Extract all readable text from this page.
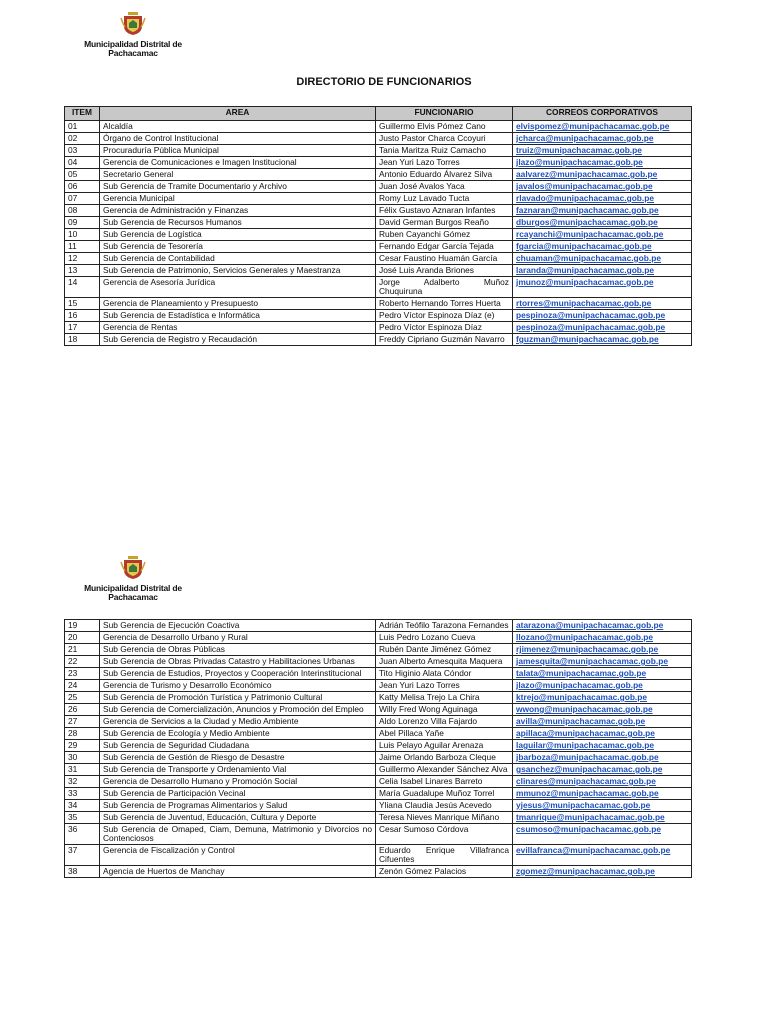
Municipalidad Distrital de
Pachacamac
DIRECTORIO DE FUNCIONARIOS
ITEM	AREA	FUNCIONARIO	CORREOS CORPORATIVOS
01	Alcaldía	Guillermo Elvis Pómez Cano	elvispomez@munipachacamac.gob.pe
02	Órgano de Control Institucional	Justo Pastor Charca Ccoyuri	jcharca@munipachacamac.gob.pe
03	Procuraduría Pública Municipal	Tania Maritza Ruiz Camacho	truiz@munipachacamac.gob.pe
04	Gerencia de Comunicaciones e Imagen Institucional	Jean Yuri Lazo Torres	jlazo@munipachacamac.gob.pe
05	Secretario General	Antonio Eduardo Álvarez Silva	aalvarez@munipachacamac.gob.pe
06	Sub Gerencia de Tramite Documentario y Archivo	Juan José Avalos Yaca	javalos@munipachacamac.gob.pe
07	Gerencia Municipal	Romy Luz Lavado Tucta	rlavado@munipachacamac.gob.pe
08	Gerencia de Administración y Finanzas	Félix Gustavo Aznaran Infantes	faznaran@munipachacamac.gob.pe
09	Sub Gerencia de Recursos Humanos	David German Burgos Reaño	dburgos@munipachacamac.gob.pe
10	Sub Gerencia de Logística	Ruben Cayanchi Gómez	rcayanchi@munipachacamac.gob.pe
11	Sub Gerencia de Tesorería	Fernando Edgar García Tejada	fgarcia@munipachacamac.gob.pe
12	Sub Gerencia de Contabilidad	Cesar Faustino Huamán García	chuaman@munipachacamac.gob.pe
13	Sub Gerencia de Patrimonio, Servicios Generales y Maestranza	José Luis Aranda Briones	laranda@munipachacamac.gob.pe
14	Gerencia de Asesoría Jurídica	Jorge Adalberto Muñoz Chuquiruna	jmunoz@munipachacamac.gob.pe
15	Gerencia de Planeamiento y Presupuesto	Roberto Hernando Torres Huerta	rtorres@munipachacamac.gob.pe
16	Sub Gerencia de Estadística e Informática	Pedro Víctor Espinoza Díaz (e)	pespinoza@munipachacamac.gob.pe
17	Gerencia de Rentas	Pedro Víctor Espinoza Díaz	pespinoza@munipachacamac.gob.pe
18	Sub Gerencia de Registro y Recaudación	Freddy Cipriano Guzmán Navarro	fguzman@munipachacamac.gob.pe
Municipalidad Distrital de
Pachacamac
19	Sub Gerencia de Ejecución Coactiva	Adrián Teófilo Tarazona Fernandes	atarazona@munipachacamac.gob.pe
20	Gerencia de Desarrollo Urbano y Rural	Luis Pedro Lozano Cueva	llozano@munipachacamac.gob.pe
21	Sub Gerencia de Obras Públicas	Rubén Dante Jiménez Gómez	rjimenez@munipachacamac.gob.pe
22	Sub Gerencia de Obras Privadas Catastro y Habilitaciones Urbanas	Juan Alberto Amesquita Maquera	jamesquita@munipachacamac.gob.pe
23	Sub Gerencia de Estudios, Proyectos y Cooperación Interinstitucional	Tito Higinio Alata Cóndor	talata@munipachacamac.gob.pe
24	Gerencia de Turismo y Desarrollo Económico	Jean Yuri Lazo Torres	jlazo@munipachacamac.gob.pe
25	Sub Gerencia de Promoción Turística y Patrimonio Cultural	Katty Melisa Trejo La Chira	ktrejo@munipachacamac.gob.pe
26	Sub Gerencia de Comercialización, Anuncios y Promoción del Empleo	Willy Fred Wong Aguinaga	wwong@munipachacamac.gob.pe
27	Gerencia de Servicios a la Ciudad y Medio Ambiente	Aldo Lorenzo Villa Fajardo	avilla@munipachacamac.gob.pe
28	Sub Gerencia de Ecología y Medio Ambiente	Abel Pillaca Yañe	apillaca@munipachacamac.gob.pe
29	Sub Gerencia de Seguridad Ciudadana	Luis Pelayo Aguilar Arenaza	laguilar@munipachacamac.gob.pe
30	Sub Gerencia de Gestión de Riesgo de Desastre	Jaime Orlando Barboza Cleque	jbarboza@munipachacamac.gob.pe
31	Sub Gerencia de Transporte y Ordenamiento Vial	Guillermo Alexander Sánchez Alva	gsanchez@munipachacamac.gob.pe
32	Gerencia de Desarrollo Humano y Promoción Social	Celia Isabel Linares Barreto	clinares@munipachacamac.gob.pe
33	Sub Gerencia de Participación Vecinal	María Guadalupe Muñoz Torrel	mmunoz@munipachacamac.gob.pe
34	Sub Gerencia de Programas Alimentarios y Salud	Yliana Claudia Jesús Acevedo	yjesus@munipachacamac.gob.pe
35	Sub Gerencia de Juventud, Educación, Cultura y Deporte	Teresa Nieves Manrique Miñano	tmanrique@munipachacamac.gob.pe
36	Sub Gerencia de Omaped, Ciam, Demuna, Matrimonio y Divorcios no Contenciosos	Cesar Sumoso Córdova	csumoso@munipachacamac.gob.pe
37	Gerencia de Fiscalización y Control	Eduardo Enrique Villafranca Cifuentes	evillafranca@munipachacamac.gob.pe
38	Agencia de Huertos de Manchay	Zenón Gómez Palacios	zgomez@munipachacamac.gob.pe
